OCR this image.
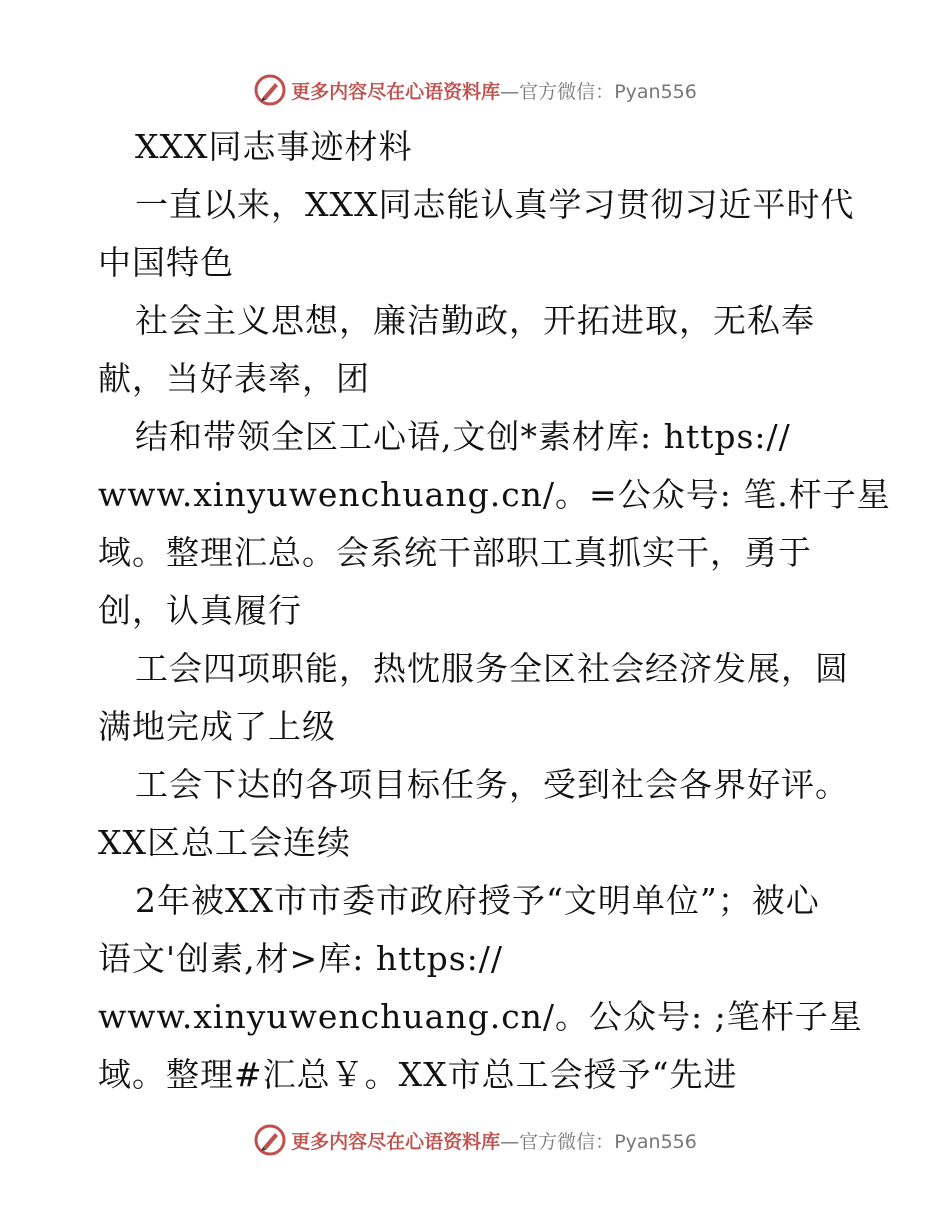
更多内容尽在心语资料库—官方微信：Pyan556
XXX同志事迹材料
一直以来，XXX同志能认真学习贯彻习近平时代
中国特色
社会主义思想，廉洁勤政，开拓进取，无私奉
献，当好表率，团
结和带领全区工心语,文创*素材库: https://
www.xinyuwenchuang.cn/。=公众号: 笔.杆子星
域。整理汇总。会系统干部职工真抓实干，勇于
创，认真履行
工会四项职能，热忱服务全区社会经济发展，圆
满地完成了上级
工会下达的各项目标任务，受到社会各界好评。
XX区总工会连续
2年被XX市市委市政府授予“文明单位”；被心
语文'创素,材>库: https://
www.xinyuwenchuang.cn/。公众号: ;笔杆子星
域。整理#汇总￥。XX市总工会授予“先进
更多内容尽在心语资料库—官方微信：Pyan556
